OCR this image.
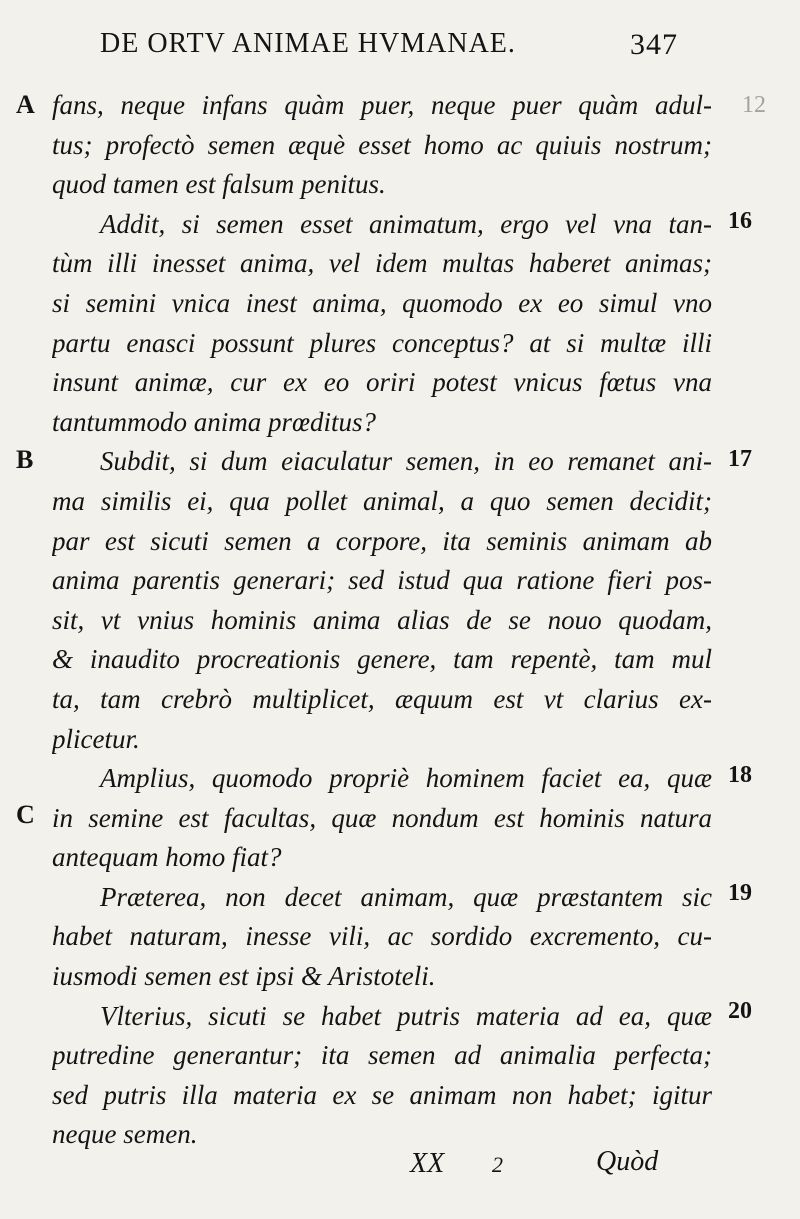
DE ORTV ANIMAE HVMANAE.	347
A
B
C
12
16
17
18
19
20
fans, neque infans quàm puer, neque puer quàm adul-
tus; profectò semen æquè esset homo ac quiuis nostrum;
quod tamen est falsum penitus.
Addit, si semen esset animatum, ergo vel vna tan-
tùm illi inesset anima, vel idem multas haberet animas;
si semini vnica inest anima, quomodo ex eo simul vno
partu enasci possunt plures conceptus? at si multæ illi
insunt animæ, cur ex eo oriri potest vnicus fœtus vna
tantummodo anima prœditus?
Subdit, si dum eiaculatur semen, in eo remanet ani-
ma similis ei, qua pollet animal, a quo semen decidit;
par est sicuti semen a corpore, ita seminis animam ab
anima parentis generari; sed istud qua ratione fieri pos-
sit, vt vnius hominis anima alias de se nouo quodam,
& inaudito procreationis genere, tam repentè, tam mul
ta, tam crebrò multiplicet, æquum est vt clarius ex-
plicetur.
Amplius, quomodo propriè hominem faciet ea, quæ
in semine est facultas, quæ nondum est hominis natura
antequam homo fiat?
Præterea, non decet animam, quæ præstantem sic
habet naturam, inesse vili, ac sordido excremento, cu-
iusmodi semen est ipsi & Aristoteli.
Vlterius, sicuti se habet putris materia ad ea, quæ
putredine generantur; ita semen ad animalia perfecta;
sed putris illa materia ex se animam non habet; igitur
neque semen.
XX 2	Quòd
